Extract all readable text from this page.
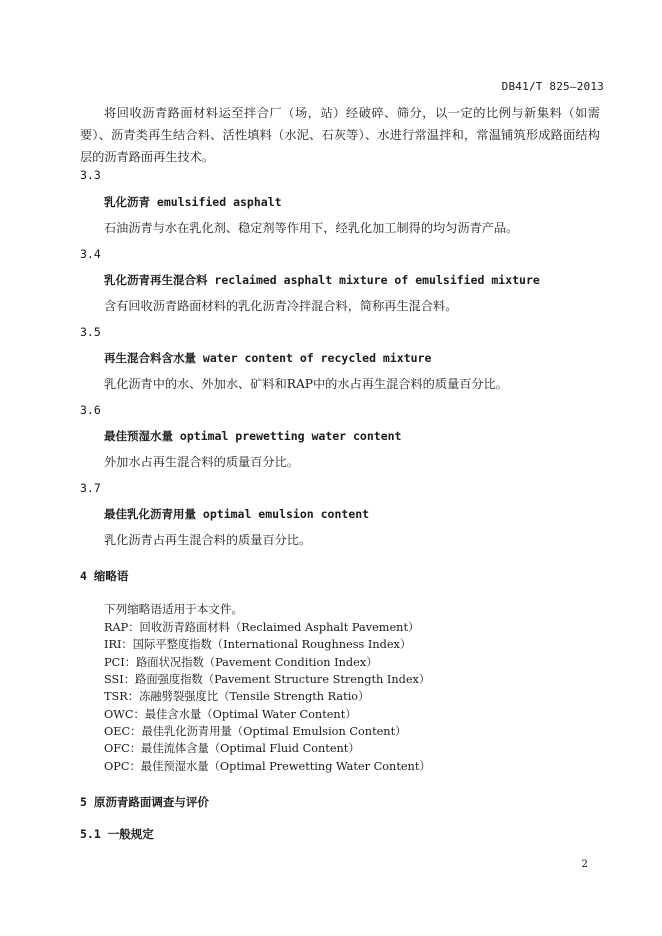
DB41/T 825—2013
将回收沥青路面材料运至拌合厂（场，站）经破碎、筛分，以一定的比例与新集料（如需要）、沥青类再生结合料、活性填料（水泥、石灰等）、水进行常温拌和，常温铺筑形成路面结构层的沥青路面再生技术。
3.3
乳化沥青 emulsified asphalt
石油沥青与水在乳化剂、稳定剂等作用下，经乳化加工制得的均匀沥青产品。
3.4
乳化沥青再生混合料 reclaimed asphalt mixture of emulsified mixture
含有回收沥青路面材料的乳化沥青冷拌混合料，简称再生混合料。
3.5
再生混合料含水量 water content of recycled mixture
乳化沥青中的水、外加水、矿料和RAP中的水占再生混合料的质量百分比。
3.6
最佳预湿水量 optimal prewetting water content
外加水占再生混合料的质量百分比。
3.7
最佳乳化沥青用量 optimal emulsion content
乳化沥青占再生混合料的质量百分比。
4 缩略语
下列缩略语适用于本文件。
RAP：回收沥青路面材料（Reclaimed Asphalt Pavement）
IRI：国际平整度指数（International Roughness Index）
PCI：路面状况指数（Pavement Condition Index）
SSI：路面强度指数（Pavement Structure Strength Index）
TSR：冻融劈裂强度比（Tensile Strength Ratio）
OWC：最佳含水量（Optimal Water Content）
OEC：最佳乳化沥青用量（Optimal Emulsion Content）
OFC：最佳流体含量（Optimal Fluid Content）
OPC：最佳预湿水量（Optimal Prewetting Water Content）
5 原沥青路面调查与评价
5.1 一般规定
2
